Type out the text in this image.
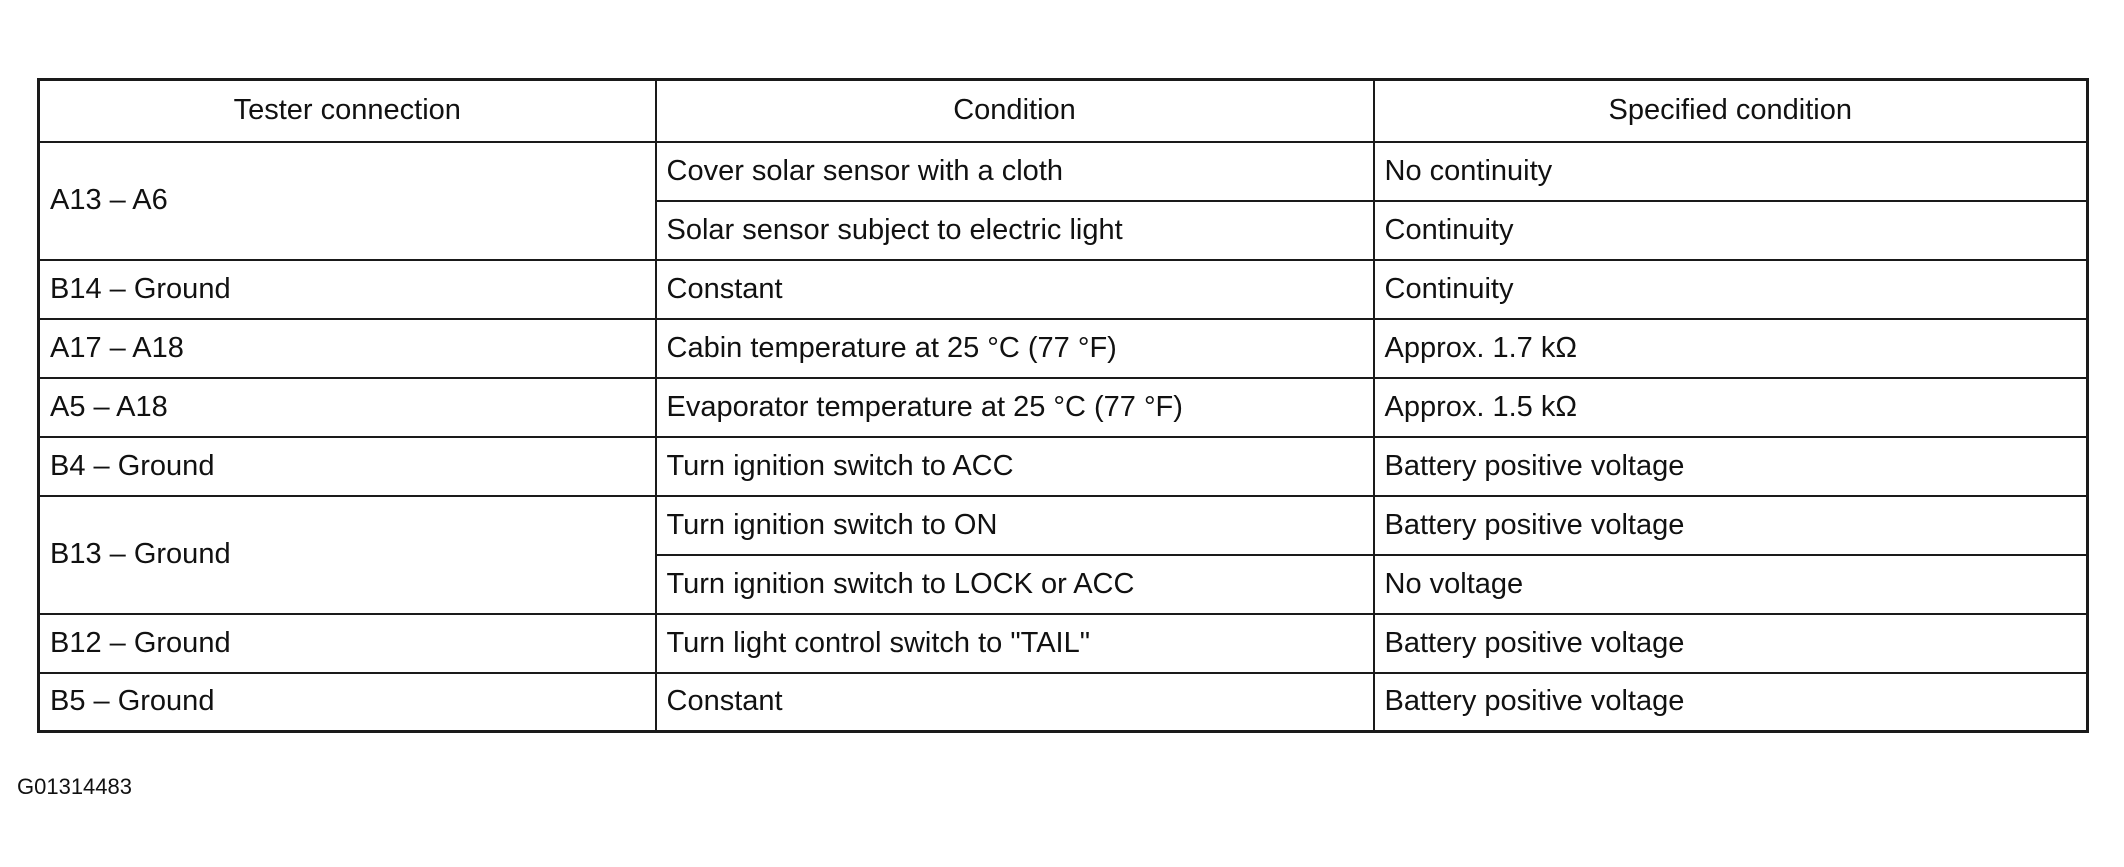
Tester connection	Condition	Specified condition
A13 – A6	Cover solar sensor with a cloth	No continuity
	Solar sensor subject to electric light	Continuity
B14 – Ground	Constant	Continuity
A17 – A18	Cabin temperature at 25 °C (77 °F)	Approx. 1.7 kΩ
A5 – A18	Evaporator temperature at 25 °C (77 °F)	Approx. 1.5 kΩ
B4 – Ground	Turn ignition switch to ACC	Battery positive voltage
B13 – Ground	Turn ignition switch to ON	Battery positive voltage
	Turn ignition switch to LOCK or ACC	No voltage
B12 – Ground	Turn light control switch to "TAIL"	Battery positive voltage
B5 – Ground	Constant	Battery positive voltage
G01314483
